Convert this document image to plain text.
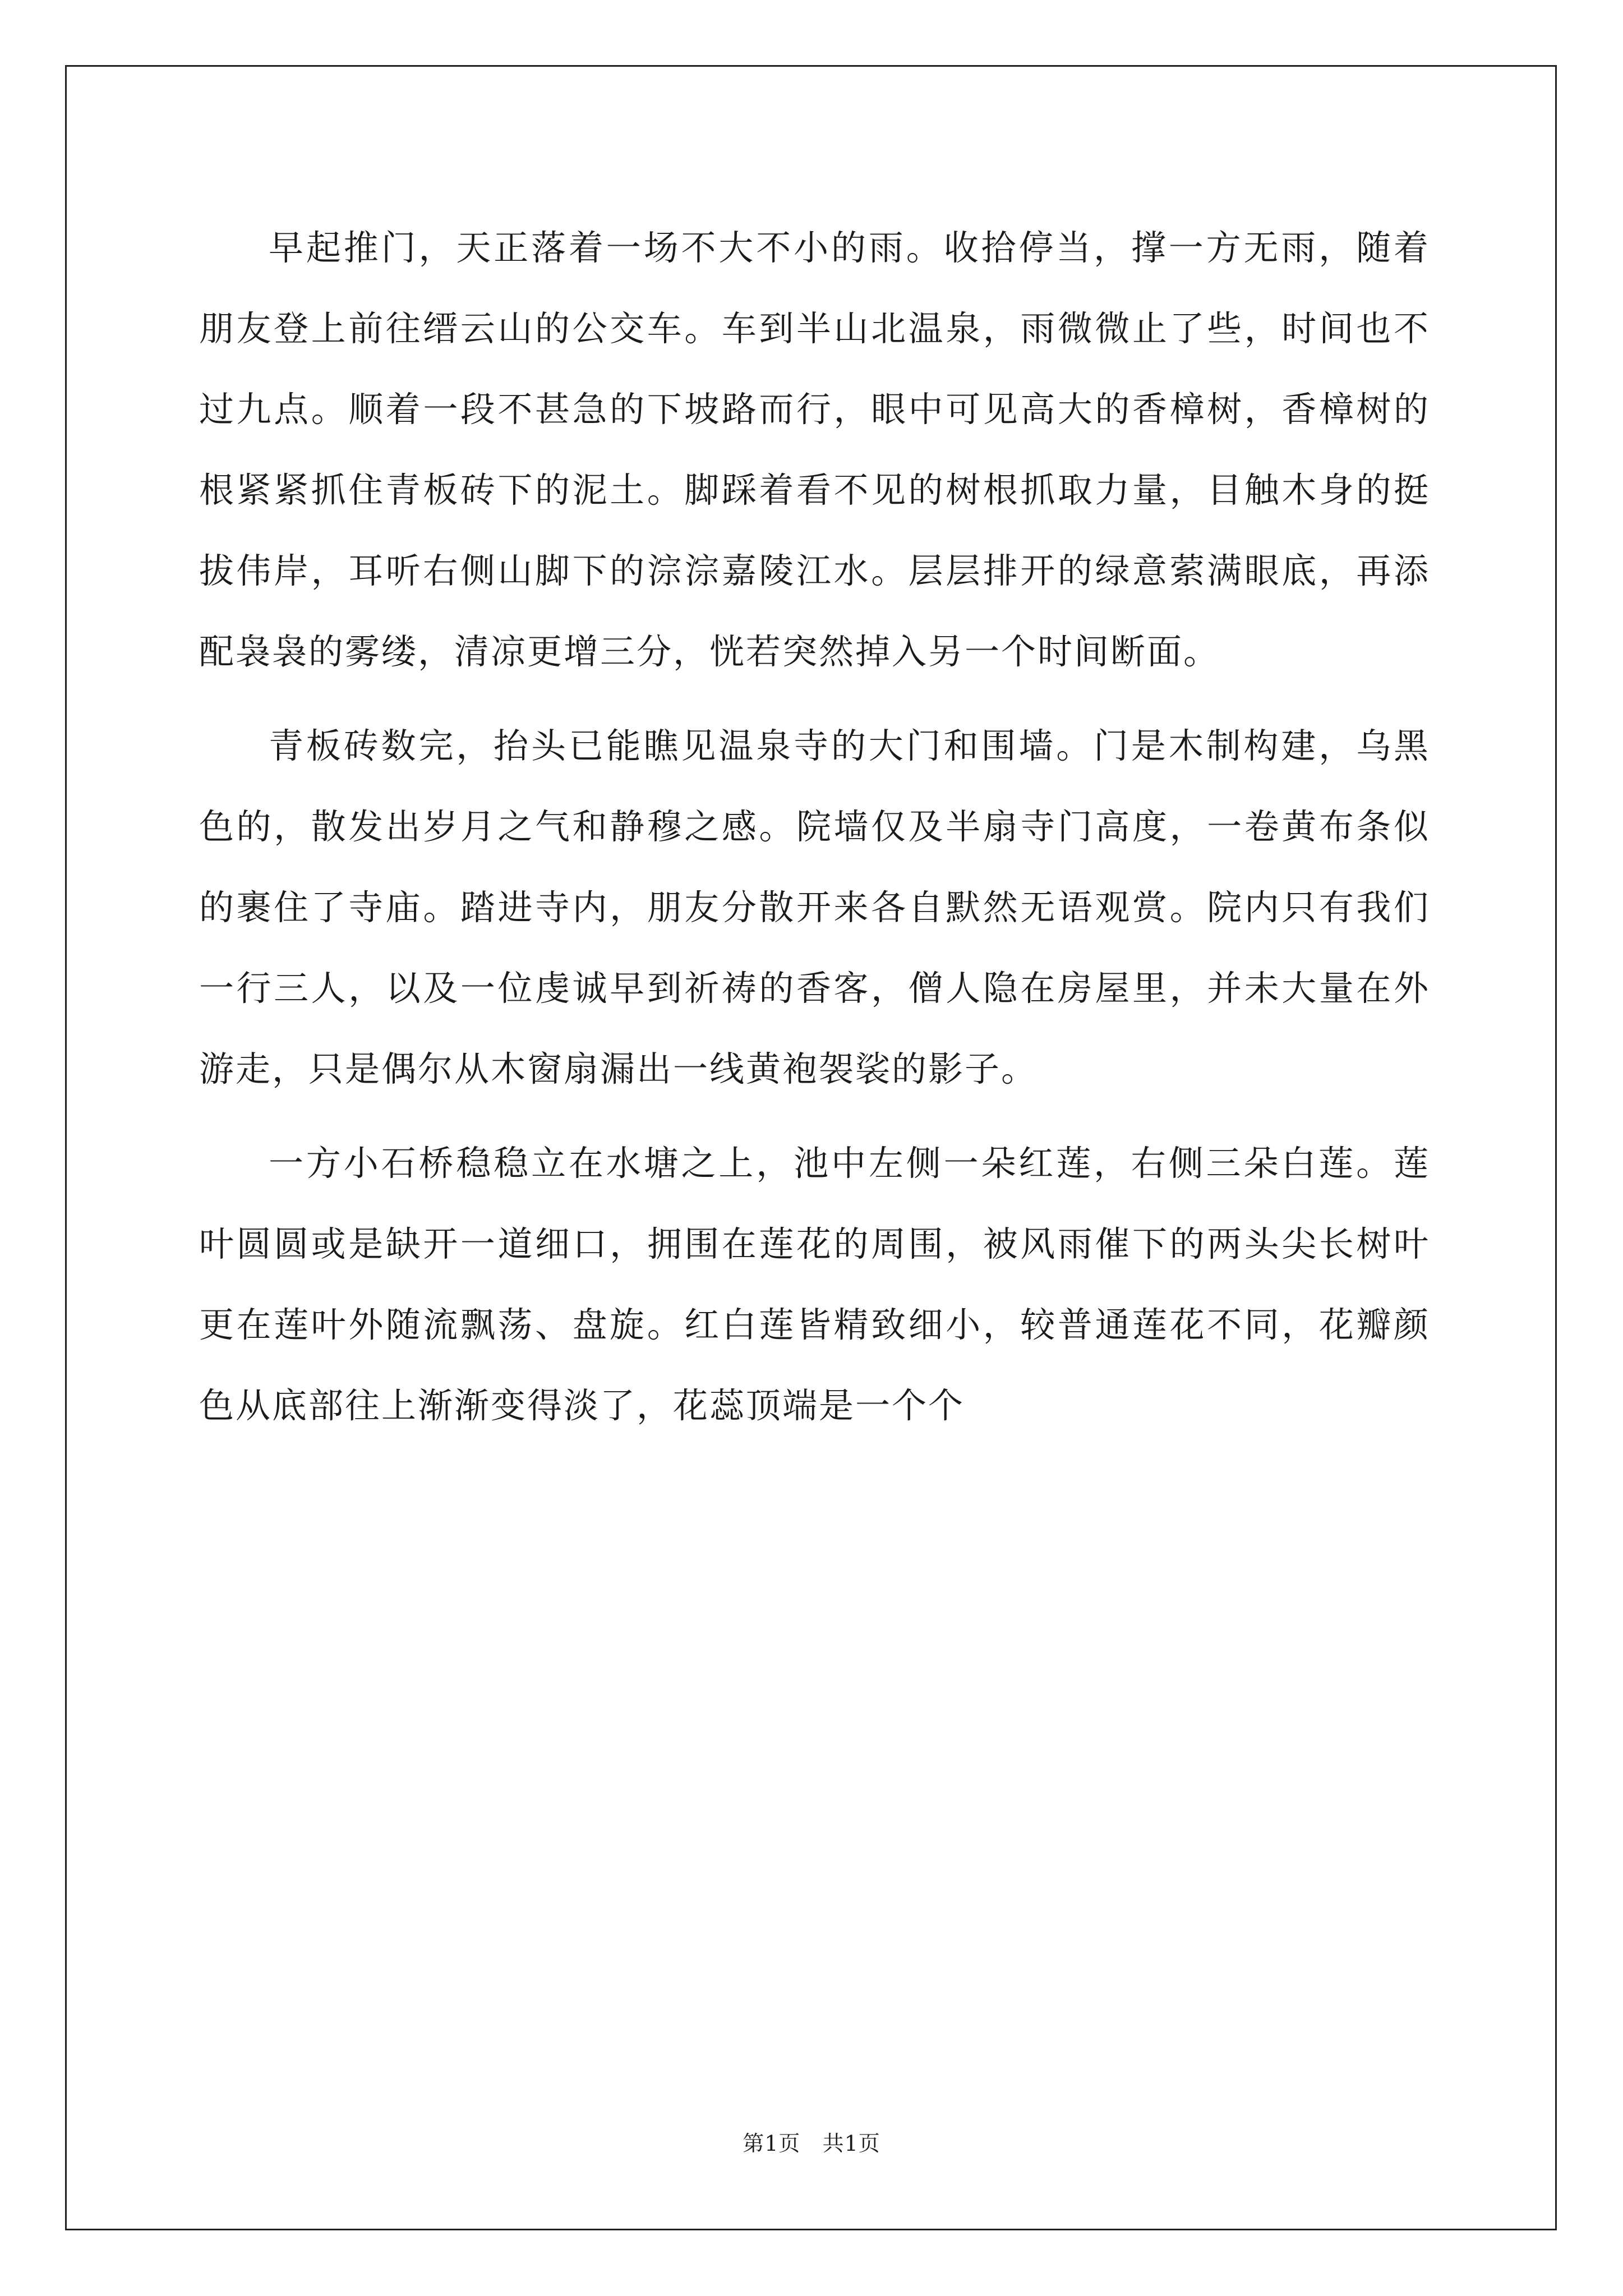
早起推门，天正落着一场不大不小的雨。收拾停当，撑一方无雨，随着朋友登上前往缙云山的公交车。车到半山北温泉，雨微微止了些，时间也不过九点。顺着一段不甚急的下坡路而行，眼中可见高大的香樟树，香樟树的根紧紧抓住青板砖下的泥土。脚踩着看不见的树根抓取力量，目触木身的挺拔伟岸，耳听右侧山脚下的淙淙嘉陵江水。层层排开的绿意萦满眼底，再添配袅袅的雾缕，清凉更增三分，恍若突然掉入另一个时间断面。

青板砖数完，抬头已能瞧见温泉寺的大门和围墙。门是木制构建，乌黑色的，散发出岁月之气和静穆之感。院墙仅及半扇寺门高度，一卷黄布条似的裹住了寺庙。踏进寺内，朋友分散开来各自默然无语观赏。院内只有我们一行三人，以及一位虔诚早到祈祷的香客，僧人隐在房屋里，并未大量在外游走，只是偶尔从木窗扇漏出一线黄袍袈裟的影子。

一方小石桥稳稳立在水塘之上，池中左侧一朵红莲，右侧三朵白莲。莲叶圆圆或是缺开一道细口，拥围在莲花的周围，被风雨催下的两头尖长树叶更在莲叶外随流飘荡、盘旋。红白莲皆精致细小，较普通莲花不同，花瓣颜色从底部往上渐渐变得淡了，花蕊顶端是一个个

第1页 共1页
